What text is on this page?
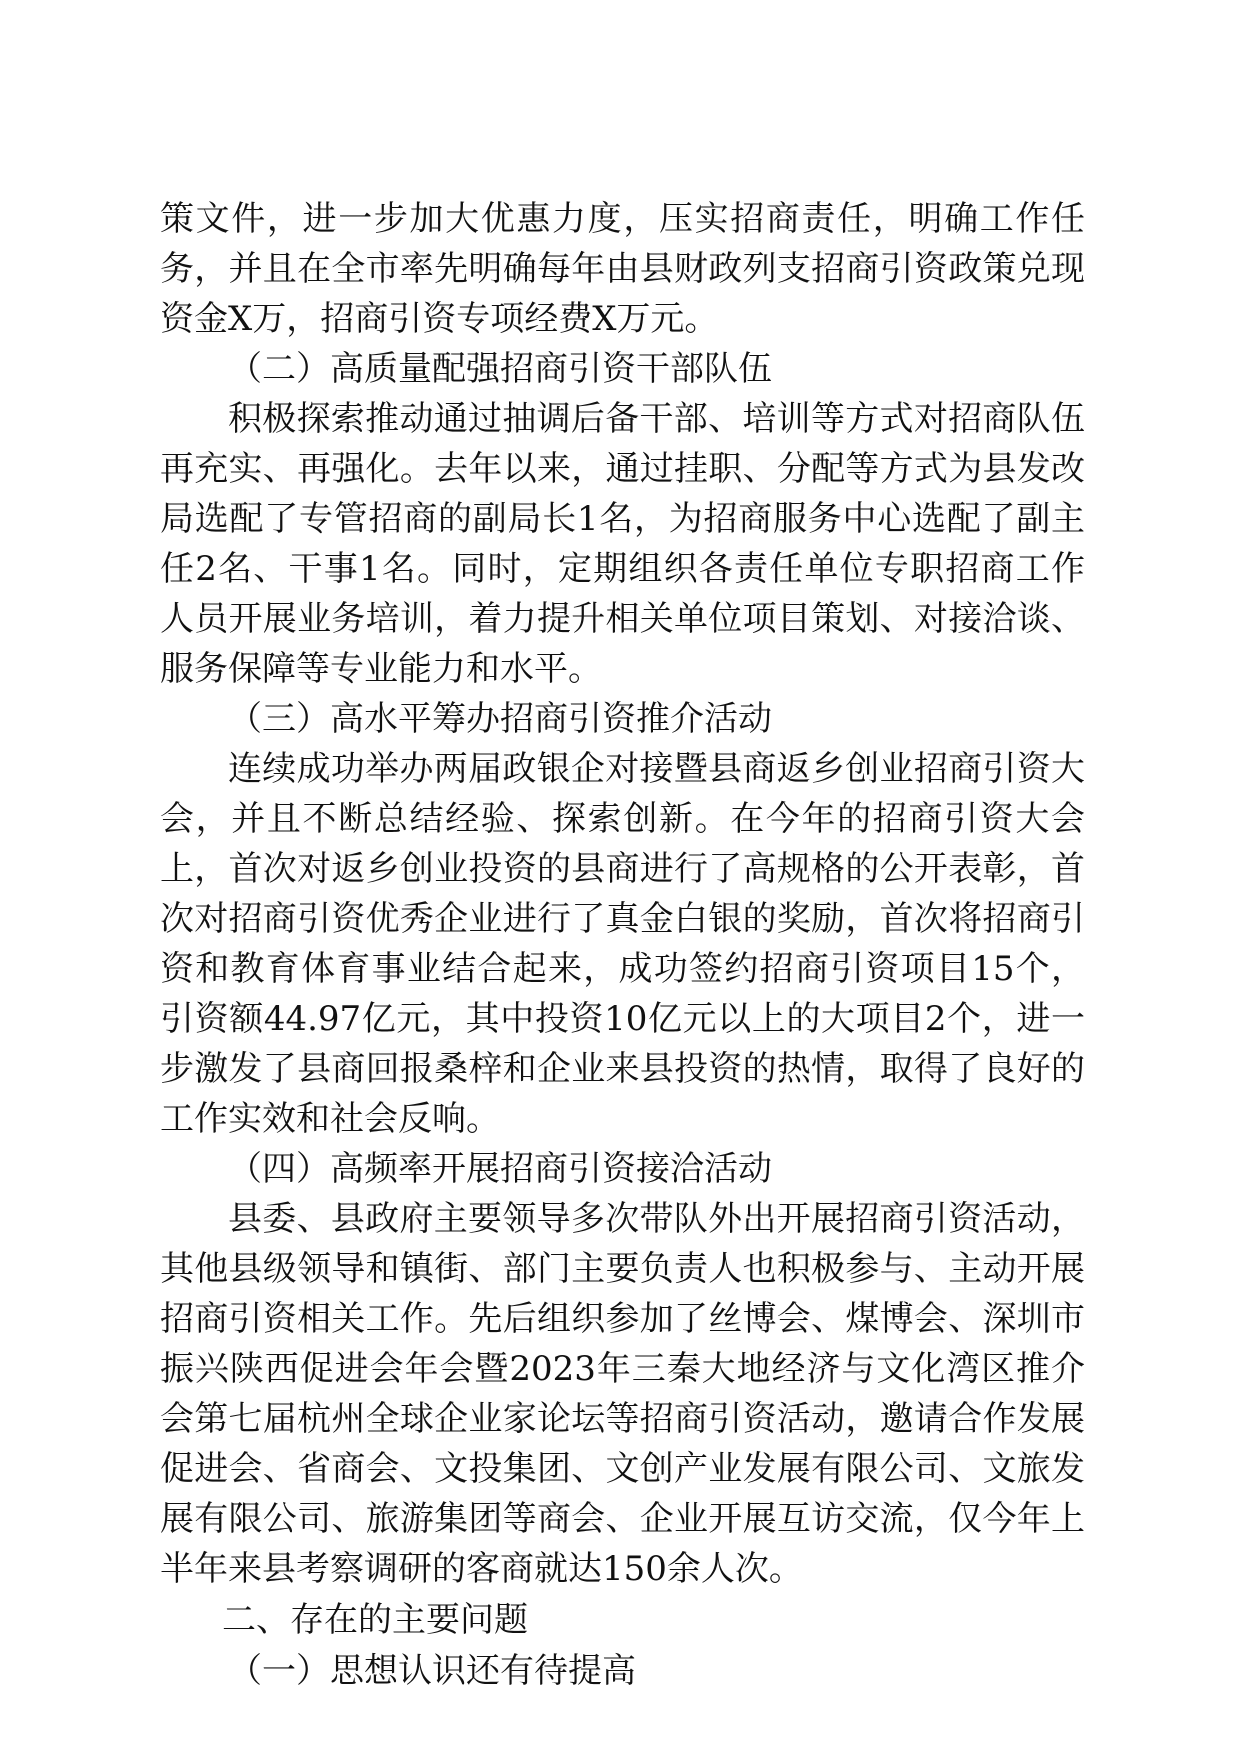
策文件，进一步加大优惠力度，压实招商责任，明确工作任务，并且在全市率先明确每年由县财政列支招商引资政策兑现资金X万，招商引资专项经费X万元。

（二）高质量配强招商引资干部队伍

积极探索推动通过抽调后备干部、培训等方式对招商队伍再充实、再强化。去年以来，通过挂职、分配等方式为县发改局选配了专管招商的副局长1名，为招商服务中心选配了副主任2名、干事1名。同时，定期组织各责任单位专职招商工作人员开展业务培训，着力提升相关单位项目策划、对接洽谈、服务保障等专业能力和水平。

（三）高水平筹办招商引资推介活动

连续成功举办两届政银企对接暨县商返乡创业招商引资大会，并且不断总结经验、探索创新。在今年的招商引资大会上，首次对返乡创业投资的县商进行了高规格的公开表彰，首次对招商引资优秀企业进行了真金白银的奖励，首次将招商引资和教育体育事业结合起来，成功签约招商引资项目15个，引资额44.97亿元，其中投资10亿元以上的大项目2个，进一步激发了县商回报桑梓和企业来县投资的热情，取得了良好的工作实效和社会反响。

（四）高频率开展招商引资接洽活动

县委、县政府主要领导多次带队外出开展招商引资活动，其他县级领导和镇街、部门主要负责人也积极参与、主动开展招商引资相关工作。先后组织参加了丝博会、煤博会、深圳市振兴陕西促进会年会暨2023年三秦大地经济与文化湾区推介会第七届杭州全球企业家论坛等招商引资活动，邀请合作发展促进会、省商会、文投集团、文创产业发展有限公司、文旅发展有限公司、旅游集团等商会、企业开展互访交流，仅今年上半年来县考察调研的客商就达150余人次。

二、存在的主要问题

（一）思想认识还有待提高
